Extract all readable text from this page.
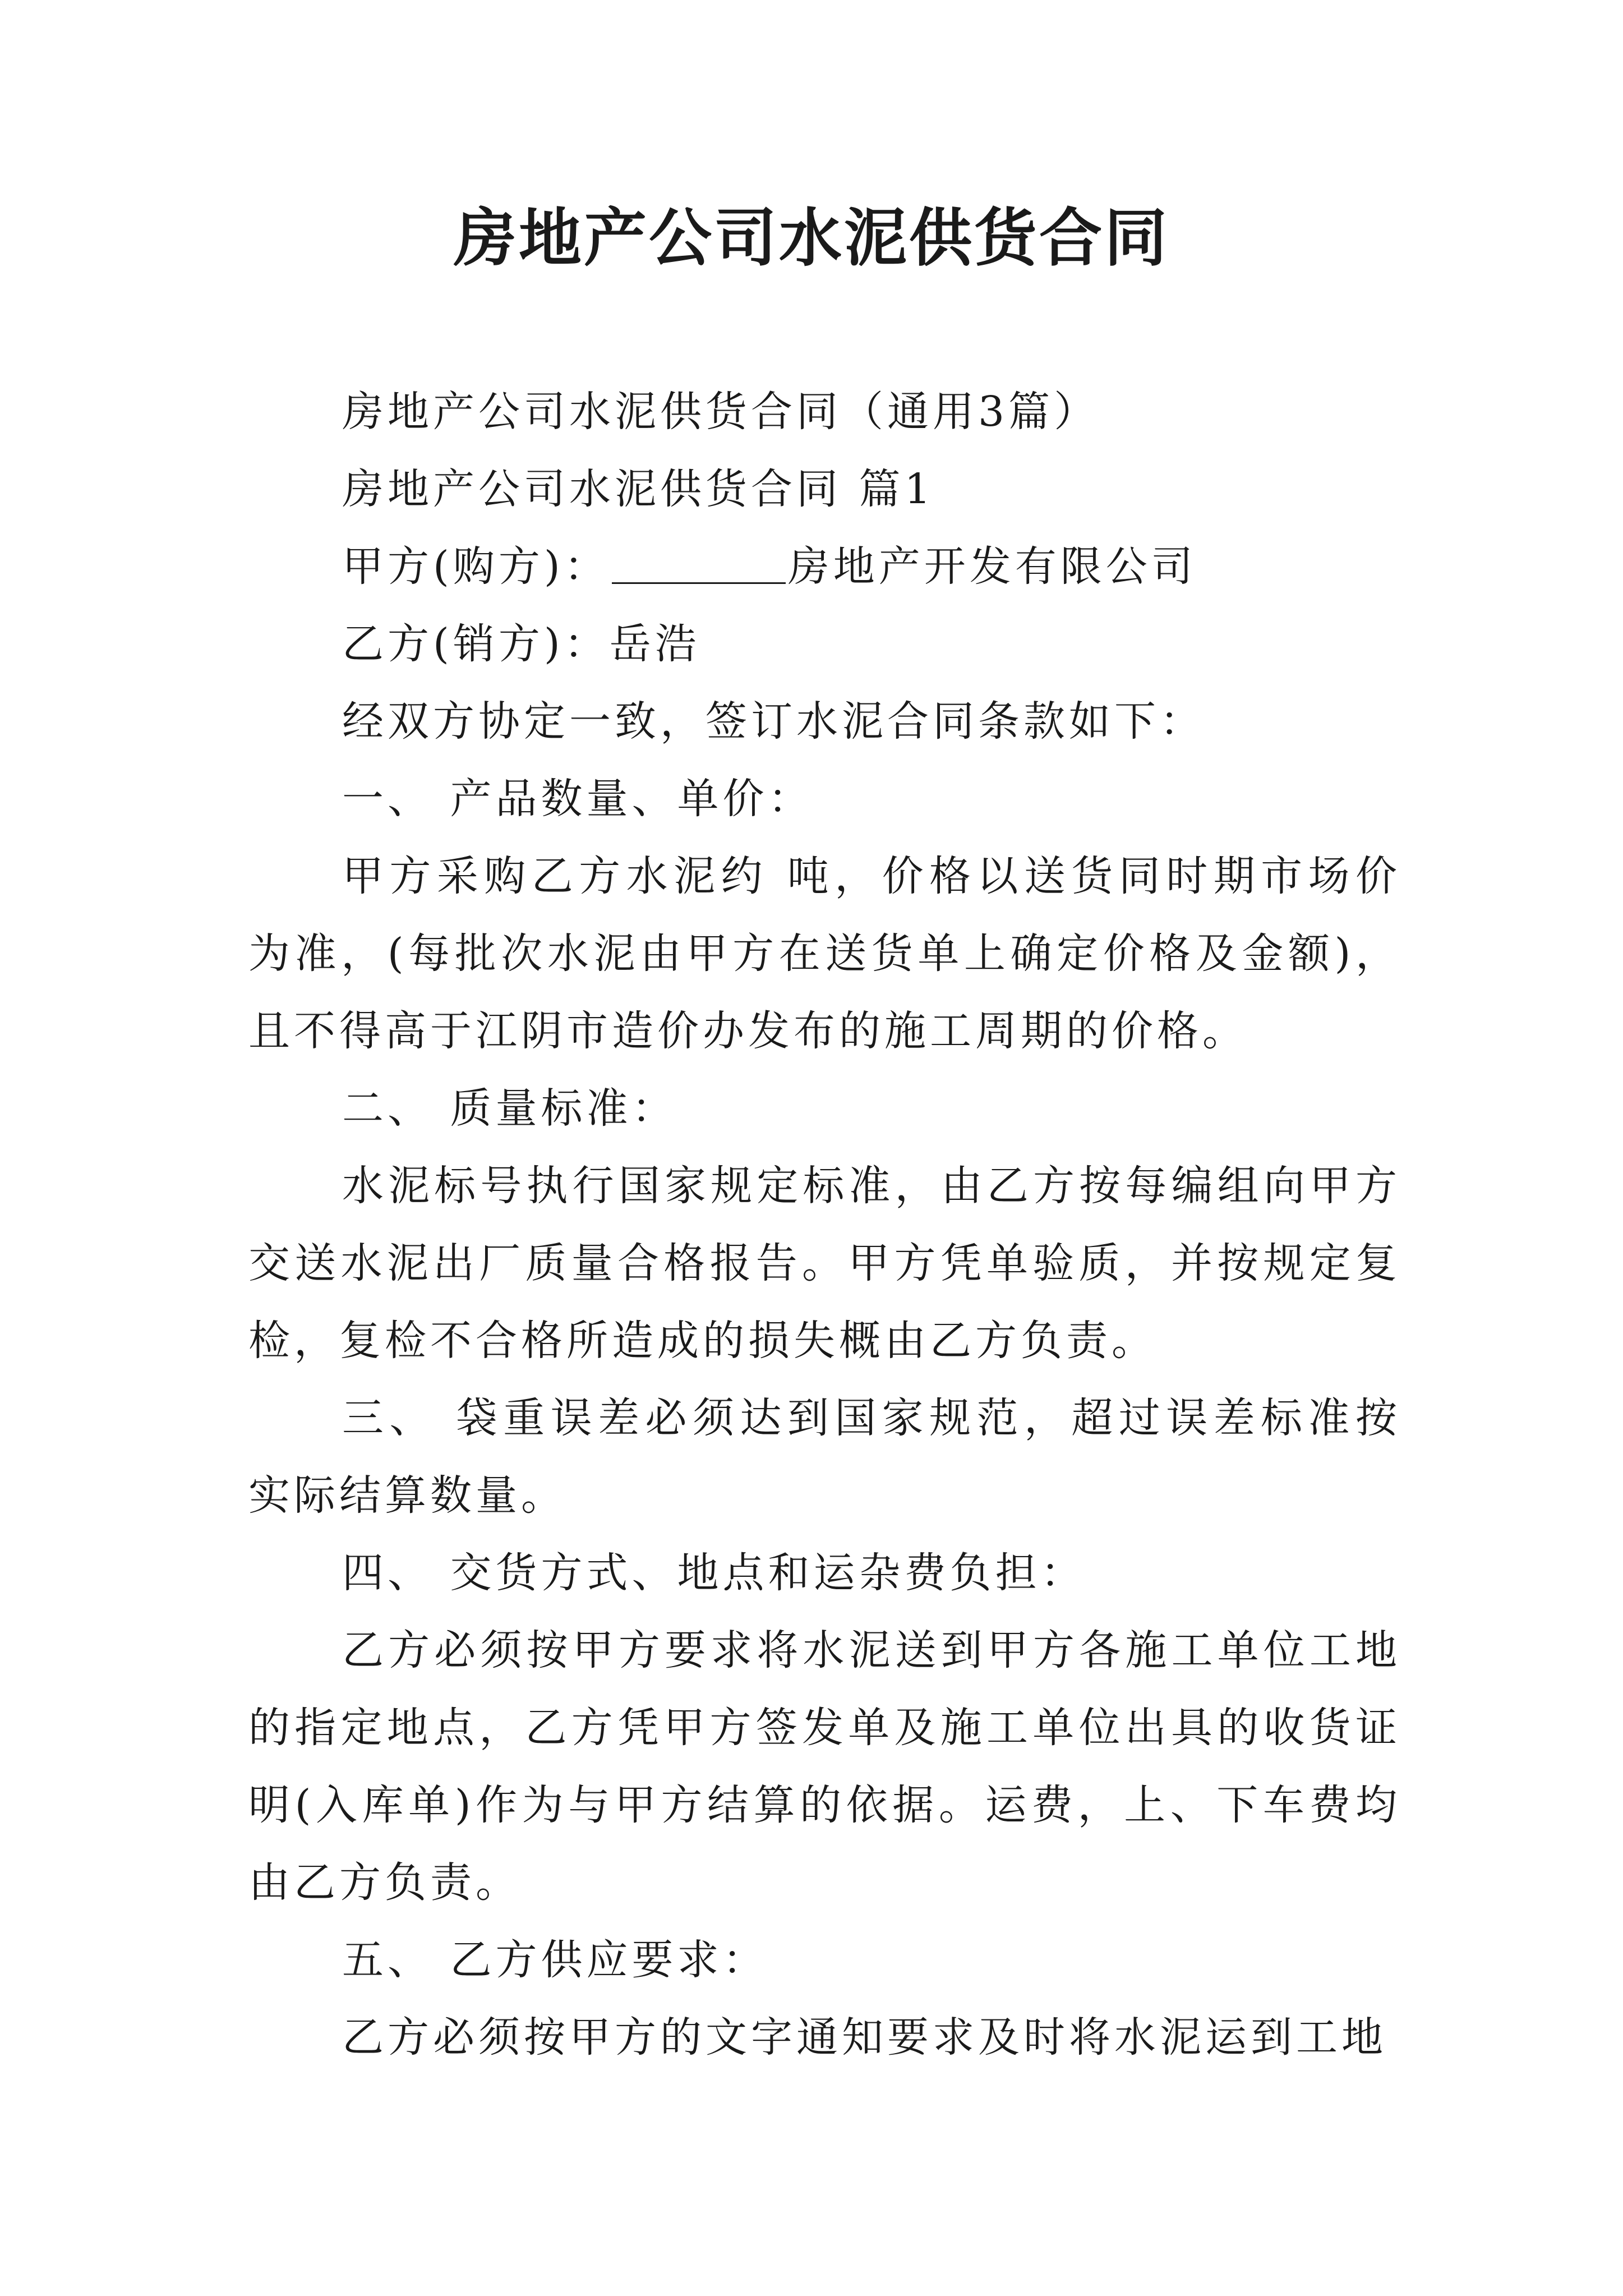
房地产公司水泥供货合同

房地产公司水泥供货合同（通用3篇）

房地产公司水泥供货合同 篇1

甲方(购方)：	房地产开发有限公司

乙方(销方)：岳浩

经双方协定一致，签订水泥合同条款如下：

一、 产品数量、单价：

甲方采购乙方水泥约 吨，价格以送货同时期市场价为准，(每批次水泥由甲方在送货单上确定价格及金额)，且不得高于江阴市造价办发布的施工周期的价格。

二、 质量标准：

水泥标号执行国家规定标准，由乙方按每编组向甲方交送水泥出厂质量合格报告。甲方凭单验质，并按规定复检，复检不合格所造成的损失概由乙方负责。

三、 袋重误差必须达到国家规范，超过误差标准按实际结算数量。

四、 交货方式、地点和运杂费负担：

乙方必须按甲方要求将水泥送到甲方各施工单位工地的指定地点，乙方凭甲方签发单及施工单位出具的收货证明(入库单)作为与甲方结算的依据。运费，上、下车费均由乙方负责。

五、 乙方供应要求：

乙方必须按甲方的文字通知要求及时将水泥运到工地
